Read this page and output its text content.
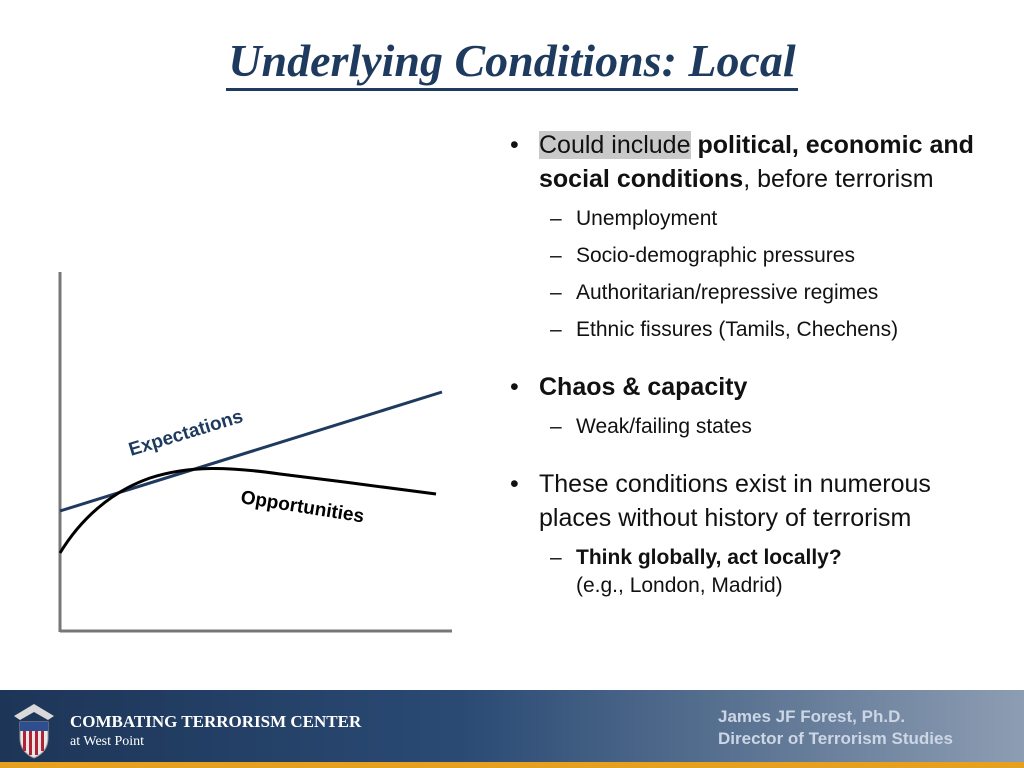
Underlying Conditions: Local
Expectations
Opportunities
• Could include political, economic and social conditions, before terrorism
– Unemployment
– Socio-demographic pressures
– Authoritarian/repressive regimes
– Ethnic fissures (Tamils, Chechens)
• Chaos & capacity
– Weak/failing states
• These conditions exist in numerous places without history of terrorism
– Think globally, act locally?
(e.g., London, Madrid)
COMBATING TERRORISM CENTER
at West Point
James JF Forest, Ph.D.
Director of Terrorism Studies
